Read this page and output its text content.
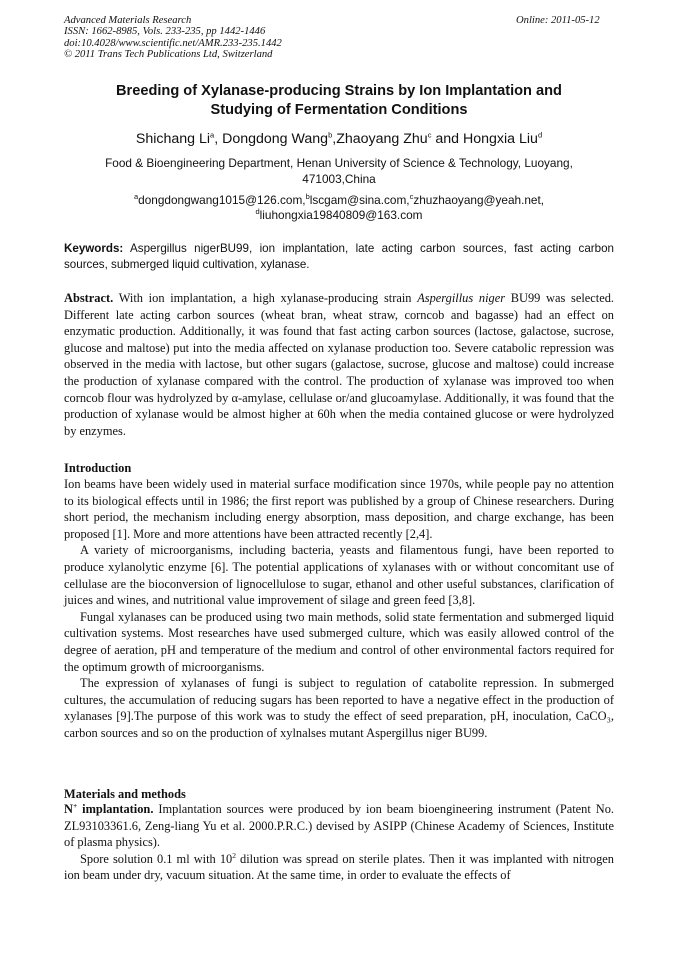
Advanced Materials Research
ISSN: 1662-8985, Vols. 233-235, pp 1442-1446
doi:10.4028/www.scientific.net/AMR.233-235.1442
© 2011 Trans Tech Publications Ltd, Switzerland
Online: 2011-05-12
Breeding of Xylanase-producing Strains by Ion Implantation and
Studying of Fermentation Conditions
Shichang Li$^a$, Dongdong Wang$^b$,Zhaoyang Zhu$^c$ and Hongxia Liu$^d$
Food & Bioengineering Department, Henan University of Science & Technology, Luoyang, 471003,China
$^a$dongdongwang1015@126.com,$^b$lscgam@sina.com,$^c$zhuzhaoyang@yeah.net,
$^d$liuhongxia19840809@163.com
Keywords: Aspergillus nigerBU99, ion implantation, late acting carbon sources, fast acting carbon sources, submerged liquid cultivation, xylanase.

Abstract. With ion implantation, a high xylanase-producing strain Aspergillus niger BU99 was selected. Different late acting carbon sources (wheat bran, wheat straw, corncob and bagasse) had an effect on enzymatic production. Additionally, it was found that fast acting carbon sources (lactose, galactose, sucrose, glucose and maltose) put into the media affected on xylanase production too. Severe catabolic repression was observed in the media with lactose, but other sugars (galactose, sucrose, glucose and maltose) could increase the production of xylanase compared with the control. The production of xylanase was improved too when corncob flour was hydrolyzed by α-amylase, cellulase or/and glucoamylase. Additionally, it was found that the production of xylanase would be almost higher at 60h when the media contained glucose or were hydrolyzed by enzymes.

Introduction

Ion beams have been widely used in material surface modification since 1970s, while people pay no attention to its biological effects until in 1986; the first report was published by a group of Chinese researchers. During short period, the mechanism including energy absorption, mass deposition, and charge exchange, has been proposed [1]. More and more attentions have been attracted recently [2,4].

A variety of microorganisms, including bacteria, yeasts and filamentous fungi, have been reported to produce xylanolytic enzyme [6]. The potential applications of xylanases with or without concomitant use of cellulase are the bioconversion of lignocellulose to sugar, ethanol and other useful substances, clarification of juices and wines, and nutritional value improvement of silage and green feed [3,8].

Fungal xylanases can be produced using two main methods, solid state fermentation and submerged liquid cultivation systems. Most researches have used submerged culture, which was easily allowed control of the degree of aeration, pH and temperature of the medium and control of other environmental factors required for the optimum growth of microorganisms.

The expression of xylanases of fungi is subject to regulation of catabolite repression. In submerged cultures, the accumulation of reducing sugars has been reported to have a negative effect in the production of xylanases [9].The purpose of this work was to study the effect of seed preparation, pH, inoculation, CaCO₃, carbon sources and so on the production of xylnalses mutant Aspergillus niger BU99.

Materials and methods

N+ implantation. Implantation sources were produced by ion beam bioengineering instrument (Patent No. ZL93103361.6, Zeng-liang Yu et al. 2000.P.R.C.) devised by ASIPP (Chinese Academy of Sciences, Institute of plasma physics).

Spore solution 0.1 ml with $10^2$ dilution was spread on sterile plates. Then it was implanted with nitrogen ion beam under dry, vacuum situation. At the same time, in order to evaluate the effects of
